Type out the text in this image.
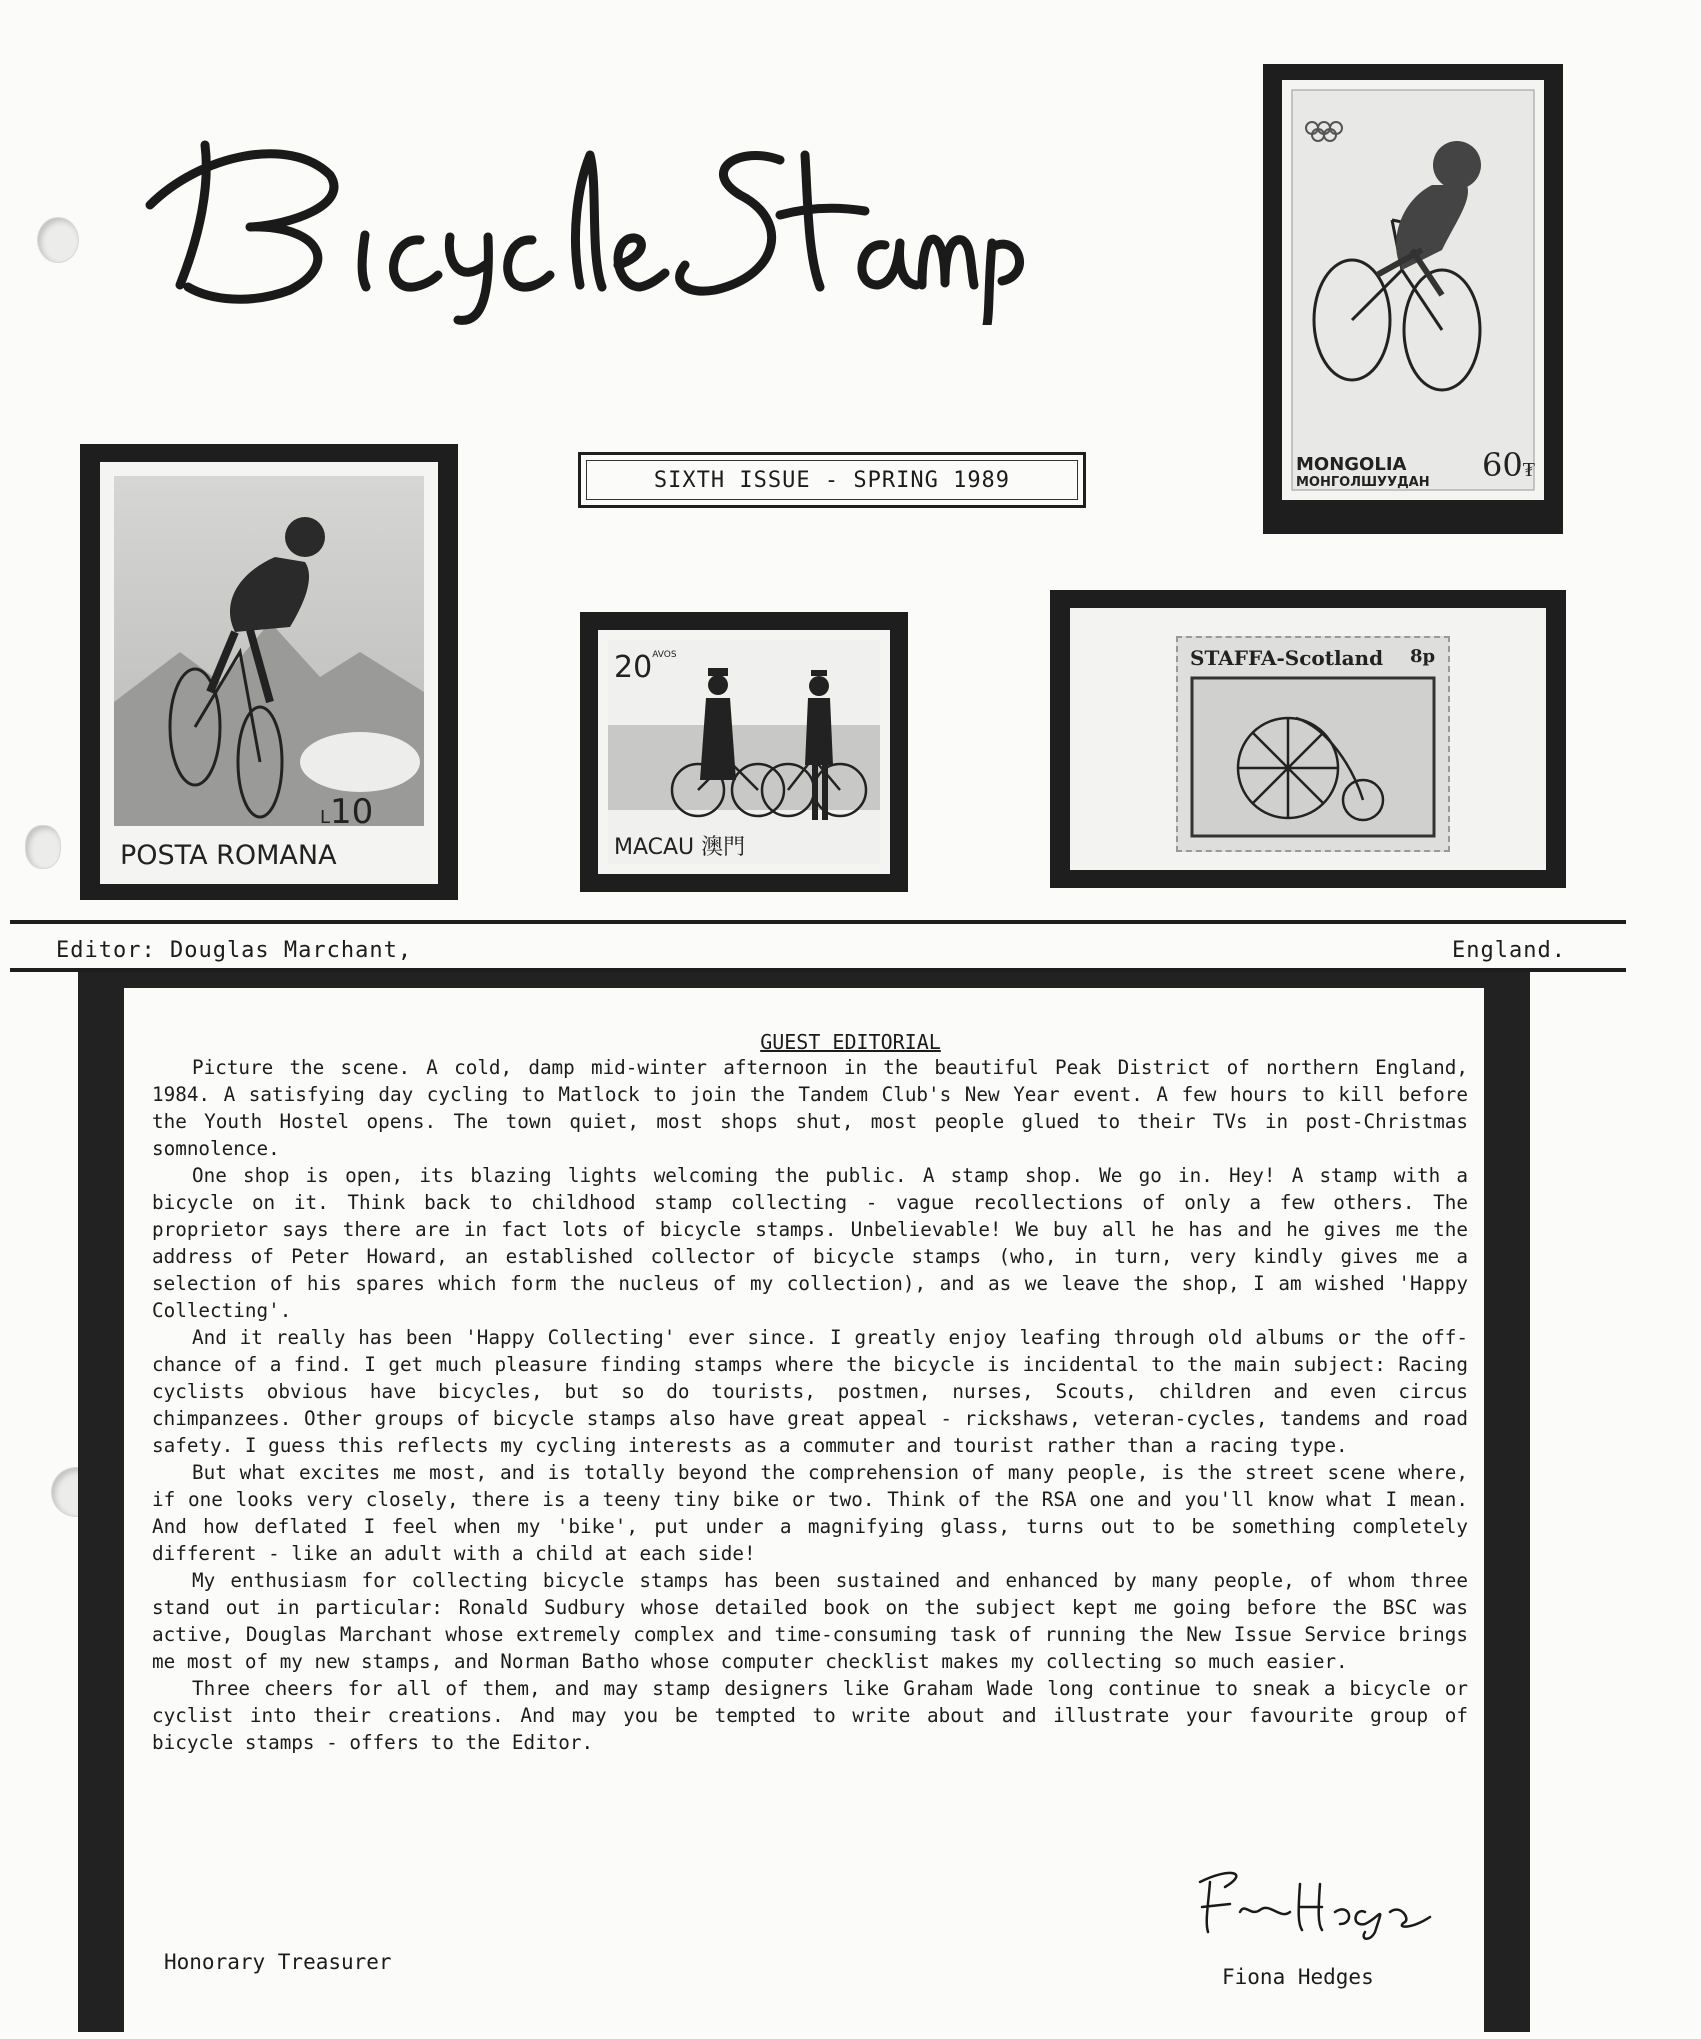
MONGOLIA
МОНГОЛШУУДАН 60₮
L10
POSTA ROMANA
SIXTH ISSUE - SPRING 1989
$20^{AVOS}$
MACAU 澳門
STAFFA-Scotland 8p
Editor: Douglas Marchant,	England.
GUEST EDITORIAL

Picture the scene. A cold, damp mid-winter afternoon in the beautiful Peak District of northern England, 1984. A satisfying day cycling to Matlock to join the Tandem Club's New Year event. A few hours to kill before the Youth Hostel opens. The town quiet, most shops shut, most people glued to their TVs in post-Christmas somnolence.

One shop is open, its blazing lights welcoming the public. A stamp shop. We go in. Hey! A stamp with a bicycle on it. Think back to childhood stamp collecting - vague recollections of only a few others. The proprietor says there are in fact lots of bicycle stamps. Unbelievable! We buy all he has and he gives me the address of Peter Howard, an established collector of bicycle stamps (who, in turn, very kindly gives me a selection of his spares which form the nucleus of my collection), and as we leave the shop, I am wished 'Happy Collecting'.

And it really has been 'Happy Collecting' ever since. I greatly enjoy leafing through old albums or the off-chance of a find. I get much pleasure finding stamps where the bicycle is incidental to the main subject: Racing cyclists obvious have bicycles, but so do tourists, postmen, nurses, Scouts, children and even circus chimpanzees. Other groups of bicycle stamps also have great appeal - rickshaws, veteran-cycles, tandems and road safety. I guess this reflects my cycling interests as a commuter and tourist rather than a racing type.

But what excites me most, and is totally beyond the comprehension of many people, is the street scene where, if one looks very closely, there is a teeny tiny bike or two. Think of the RSA one and you'll know what I mean. And how deflated I feel when my 'bike', put under a magnifying glass, turns out to be something completely different - like an adult with a child at each side!

My enthusiasm for collecting bicycle stamps has been sustained and enhanced by many people, of whom three stand out in particular: Ronald Sudbury whose detailed book on the subject kept me going before the BSC was active, Douglas Marchant whose extremely complex and time-consuming task of running the New Issue Service brings me most of my new stamps, and Norman Batho whose computer checklist makes my collecting so much easier.

Three cheers for all of them, and may stamp designers like Graham Wade long continue to sneak a bicycle or cyclist into their creations. And may you be tempted to write about and illustrate your favourite group of bicycle stamps - offers to the Editor.

Honorary Treasurer
Fiona Hedges
